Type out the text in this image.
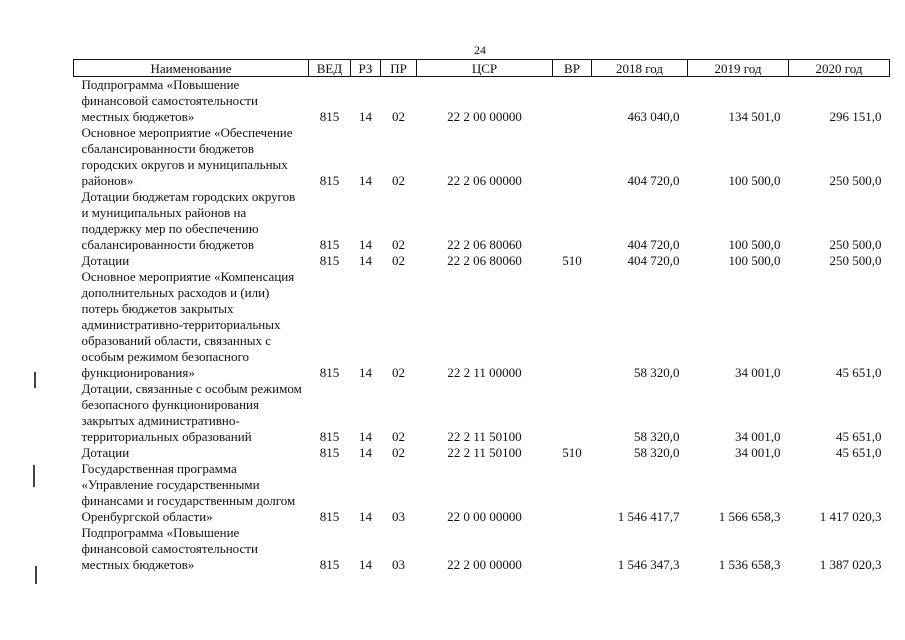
24
Наименование	ВЕД	РЗ	ПР	ЦСР	ВР	2018 год	2019 год	2020 год
Подпрограмма «Повышение финансовой самостоятельности местных бюджетов»	815	14	02	22 2 00 00000		463 040,0	134 501,0	296 151,0
Основное мероприятие «Обеспечение сбалансированности бюджетов городских округов и муниципальных районов»	815	14	02	22 2 06 00000		404 720,0	100 500,0	250 500,0
Дотации бюджетам городских округов и муниципальных районов на поддержку мер по обеспечению сбалансированности бюджетов	815	14	02	22 2 06 80060		404 720,0	100 500,0	250 500,0
Дотации	815	14	02	22 2 06 80060	510	404 720,0	100 500,0	250 500,0
Основное мероприятие «Компенсация дополнительных расходов и (или) потерь бюджетов закрытых административно-территориальных образований области, связанных с особым режимом безопасного функционирования»	815	14	02	22 2 11 00000		58 320,0	34 001,0	45 651,0
Дотации, связанные с особым режимом безопасного функционирования закрытых административно-территориальных образований	815	14	02	22 2 11 50100		58 320,0	34 001,0	45 651,0
Дотации	815	14	02	22 2 11 50100	510	58 320,0	34 001,0	45 651,0
Государственная программа «Управление государственными финансами и государственным долгом Оренбургской области»	815	14	03	22 0 00 00000		1 546 417,7	1 566 658,3	1 417 020,3
Подпрограмма «Повышение финансовой самостоятельности местных бюджетов»	815	14	03	22 2 00 00000		1 546 347,3	1 536 658,3	1 387 020,3
